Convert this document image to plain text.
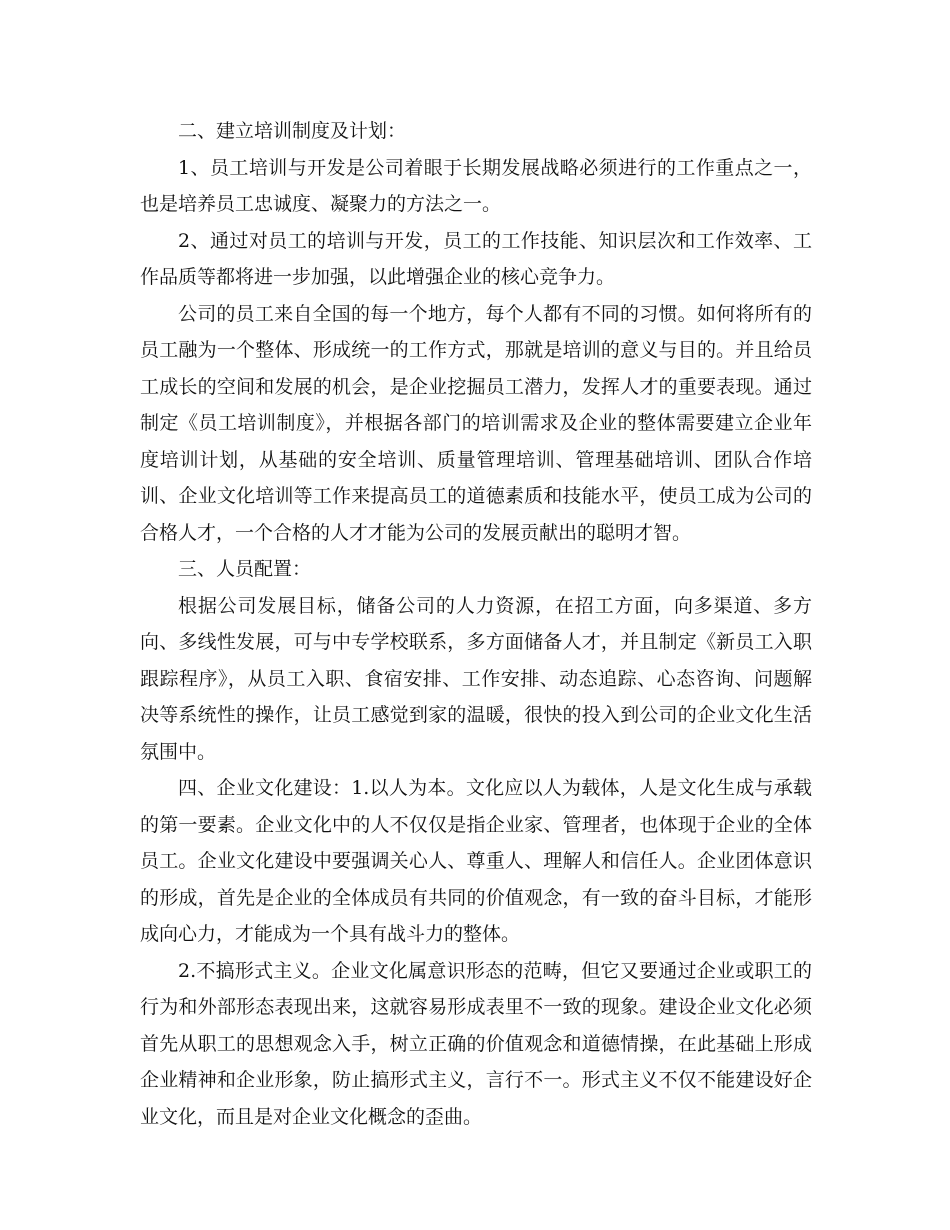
二、建立培训制度及计划：

1、员工培训与开发是公司着眼于长期发展战略必须进行的工作重点之一，也是培养员工忠诚度、凝聚力的方法之一。

2、通过对员工的培训与开发，员工的工作技能、知识层次和工作效率、工作品质等都将进一步加强，以此增强企业的核心竞争力。

公司的员工来自全国的每一个地方，每个人都有不同的习惯。如何将所有的员工融为一个整体、形成统一的工作方式，那就是培训的意义与目的。并且给员工成长的空间和发展的机会，是企业挖掘员工潜力，发挥人才的重要表现。通过制定《员工培训制度》，并根据各部门的培训需求及企业的整体需要建立企业年度培训计划，从基础的安全培训、质量管理培训、管理基础培训、团队合作培训、企业文化培训等工作来提高员工的道德素质和技能水平，使员工成为公司的合格人才，一个合格的人才才能为公司的发展贡献出的聪明才智。

三、人员配置：

根据公司发展目标，储备公司的人力资源，在招工方面，向多渠道、多方向、多线性发展，可与中专学校联系，多方面储备人才，并且制定《新员工入职跟踪程序》，从员工入职、食宿安排、工作安排、动态追踪、心态咨询、问题解决等系统性的操作，让员工感觉到家的温暖，很快的投入到公司的企业文化生活氛围中。

四、企业文化建设：1.以人为本。文化应以人为载体，人是文化生成与承载的第一要素。企业文化中的人不仅仅是指企业家、管理者，也体现于企业的全体员工。企业文化建设中要强调关心人、尊重人、理解人和信任人。企业团体意识的形成，首先是企业的全体成员有共同的价值观念，有一致的奋斗目标，才能形成向心力，才能成为一个具有战斗力的整体。

2.不搞形式主义。企业文化属意识形态的范畴，但它又要通过企业或职工的行为和外部形态表现出来，这就容易形成表里不一致的现象。建设企业文化必须首先从职工的思想观念入手，树立正确的价值观念和道德情操，在此基础上形成企业精神和企业形象，防止搞形式主义，言行不一。形式主义不仅不能建设好企业文化，而且是对企业文化概念的歪曲。
